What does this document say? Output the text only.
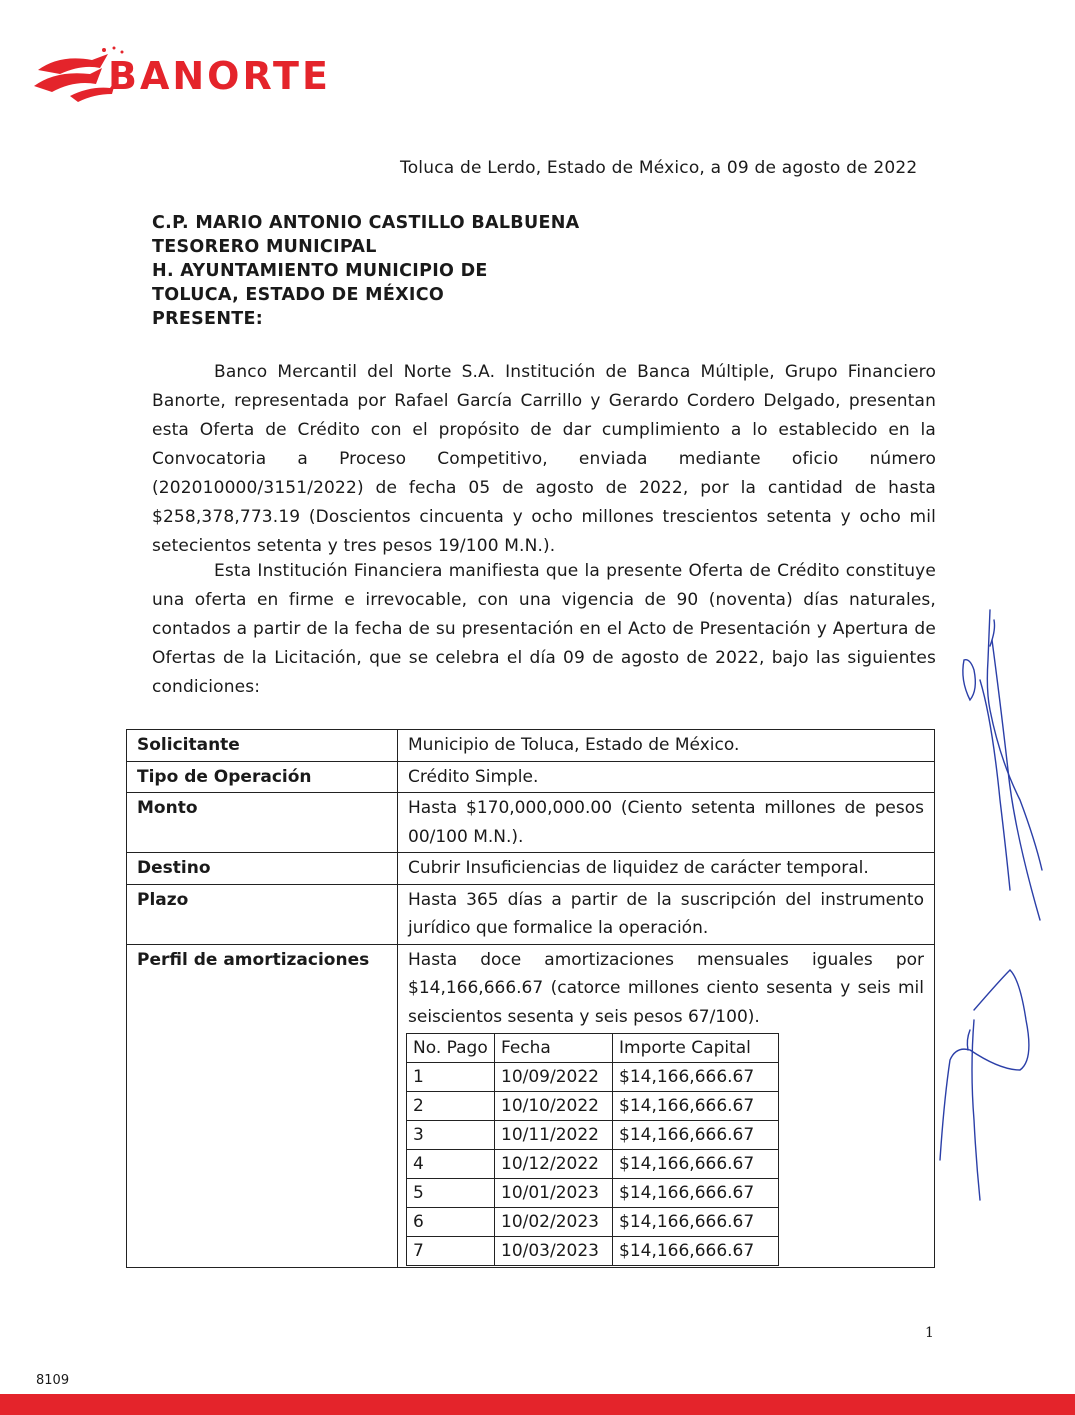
BANORTE
Toluca de Lerdo, Estado de México, a 09 de agosto de 2022
C.P. MARIO ANTONIO CASTILLO BALBUENA
TESORERO MUNICIPAL
H. AYUNTAMIENTO MUNICIPIO DE
TOLUCA, ESTADO DE MÉXICO
PRESENTE:
Banco Mercantil del Norte S.A. Institución de Banca Múltiple, Grupo Financiero Banorte, representada por Rafael García Carrillo y Gerardo Cordero Delgado, presentan esta Oferta de Crédito con el propósito de dar cumplimiento a lo establecido en la Convocatoria a Proceso Competitivo, enviada mediante oficio número (202010000/3151/2022) de fecha 05 de agosto de 2022, por la cantidad de hasta $258,378,773.19 (Doscientos cincuenta y ocho millones trescientos setenta y ocho mil setecientos setenta y tres pesos 19/100 M.N.).
Esta Institución Financiera manifiesta que la presente Oferta de Crédito constituye una oferta en firme e irrevocable, con una vigencia de 90 (noventa) días naturales, contados a partir de la fecha de su presentación en el Acto de Presentación y Apertura de Ofertas de la Licitación, que se celebra el día 09 de agosto de 2022, bajo las siguientes condiciones:
Solicitante	Municipio de Toluca, Estado de México.
Tipo de Operación	Crédito Simple.
Monto	Hasta $170,000,000.00 (Ciento setenta millones de pesos 00/100 M.N.).
Destino	Cubrir Insuficiencias de liquidez de carácter temporal.
Plazo	Hasta 365 días a partir de la suscripción del instrumento jurídico que formalice la operación.
Perfil de amortizaciones	Hasta doce amortizaciones mensuales iguales por $14,166,666.67 (catorce millones ciento sesenta y seis mil seiscientos sesenta y seis pesos 67/100).
No. Pago	Fecha	Importe Capital
1	10/09/2022	$14,166,666.67
2	10/10/2022	$14,166,666.67
3	10/11/2022	$14,166,666.67
4	10/12/2022	$14,166,666.67
5	10/01/2023	$14,166,666.67
6	10/02/2023	$14,166,666.67
7	10/03/2023	$14,166,666.67
1
8109
